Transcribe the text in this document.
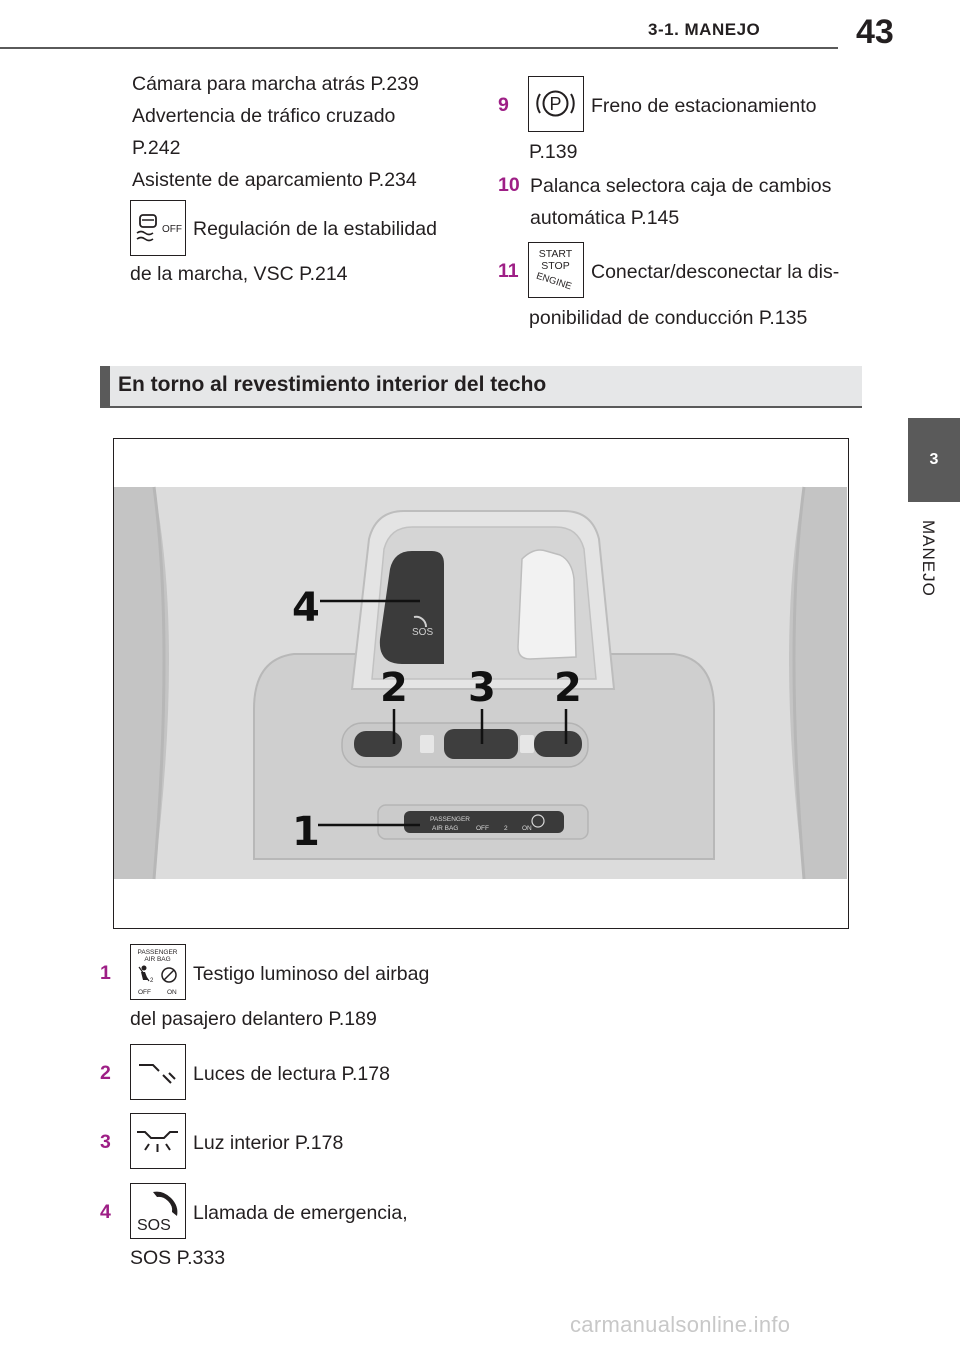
3-1. MANEJO	43
3
MANEJO
Cámara para marcha atrás P.239
Advertencia de tráfico cruzado
P.242
Asistente de aparcamiento P.234
OFF Regulación de la estabilidad
de la marcha, VSC P.214
9 P Freno de estacionamiento
P.139
10 Palanca selectora caja de cambios
automática P.145
11
START
STOP
ENGINE Conectar/desconectar la dis-
ponibilidad de conducción P.135
En torno al revestimiento interior del techo
SOS
PASSENGER
AIR BAG	OFF 2 ON
1
2 3 2
4
1
PASSENGER
AIR BAG
2
OFF ON
Testigo luminoso del airbag
del pasajero delantero P.189
2	Luces de lectura P.178
3	Luz interior P.178
4
SOS
Llamada de emergencia,
SOS P.333
carmanualsonline.info
